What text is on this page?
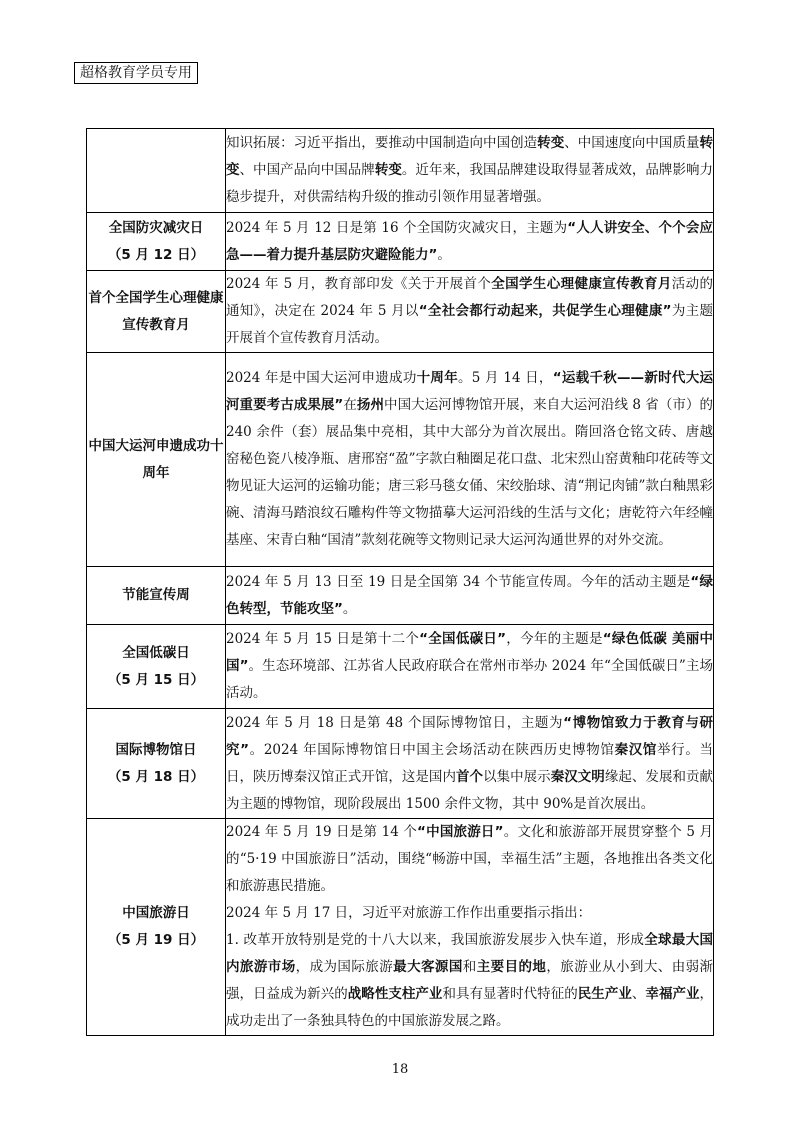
超格教育学员专用

	知识拓展：习近平指出，要推动中国制造向中国创造转变、中国速度向中国质量转变、中国产品向中国品牌转变。近年来，我国品牌建设取得显著成效，品牌影响力稳步提升，对供需结构升级的推动引领作用显著增强。

全国防灾减灾日
（5 月 12 日）	2024 年 5 月 12 日是第 16 个全国防灾减灾日，主题为“人人讲安全、个个会应急——着力提升基层防灾避险能力”。

首个全国学生心理健康宣传教育月	2024 年 5 月，教育部印发《关于开展首个全国学生心理健康宣传教育月活动的通知》，决定在 2024 年 5 月以“全社会都行动起来，共促学生心理健康”为主题开展首个宣传教育月活动。

中国大运河申遗成功十周年	2024 年是中国大运河申遗成功十周年。5 月 14 日，“运载千秋——新时代大运河重要考古成果展”在扬州中国大运河博物馆开展，来自大运河沿线 8 省（市）的 240 余件（套）展品集中亮相，其中大部分为首次展出。隋回洛仓铭文砖、唐越窑秘色瓷八棱净瓶、唐邢窑“盈”字款白釉圈足花口盘、北宋烈山窑黄釉印花砖等文物见证大运河的运输功能；唐三彩马毯女俑、宋绞胎球、清“荆记肉铺”款白釉黑彩碗、清海马踏浪纹石雕构件等文物描摹大运河沿线的生活与文化；唐乾符六年经幢基座、宋青白釉“国清”款刻花碗等文物则记录大运河沟通世界的对外交流。

节能宣传周	2024 年 5 月 13 日至 19 日是全国第 34 个节能宣传周。今年的活动主题是“绿色转型，节能攻坚”。

全国低碳日
（5 月 15 日）	2024 年 5 月 15 日是第十二个“全国低碳日”，今年的主题是“绿色低碳 美丽中国”。生态环境部、江苏省人民政府联合在常州市举办 2024 年“全国低碳日”主场活动。

国际博物馆日
（5 月 18 日）	2024 年 5 月 18 日是第 48 个国际博物馆日，主题为“博物馆致力于教育与研究”。2024 年国际博物馆日中国主会场活动在陕西历史博物馆秦汉馆举行。当日，陕历博秦汉馆正式开馆，这是国内首个以集中展示秦汉文明缘起、发展和贡献为主题的博物馆，现阶段展出 1500 余件文物，其中 90%是首次展出。

中国旅游日
（5 月 19 日）	2024 年 5 月 19 日是第 14 个“中国旅游日”。文化和旅游部开展贯穿整个 5 月的“5·19 中国旅游日”活动，围绕“畅游中国，幸福生活”主题，各地推出各类文化和旅游惠民措施。
2024 年 5 月 17 日，习近平对旅游工作作出重要指示指出：
1. 改革开放特别是党的十八大以来，我国旅游发展步入快车道，形成全球最大国内旅游市场，成为国际旅游最大客源国和主要目的地，旅游业从小到大、由弱渐强，日益成为新兴的战略性支柱产业和具有显著时代特征的民生产业、幸福产业，成功走出了一条独具特色的中国旅游发展之路。
18
